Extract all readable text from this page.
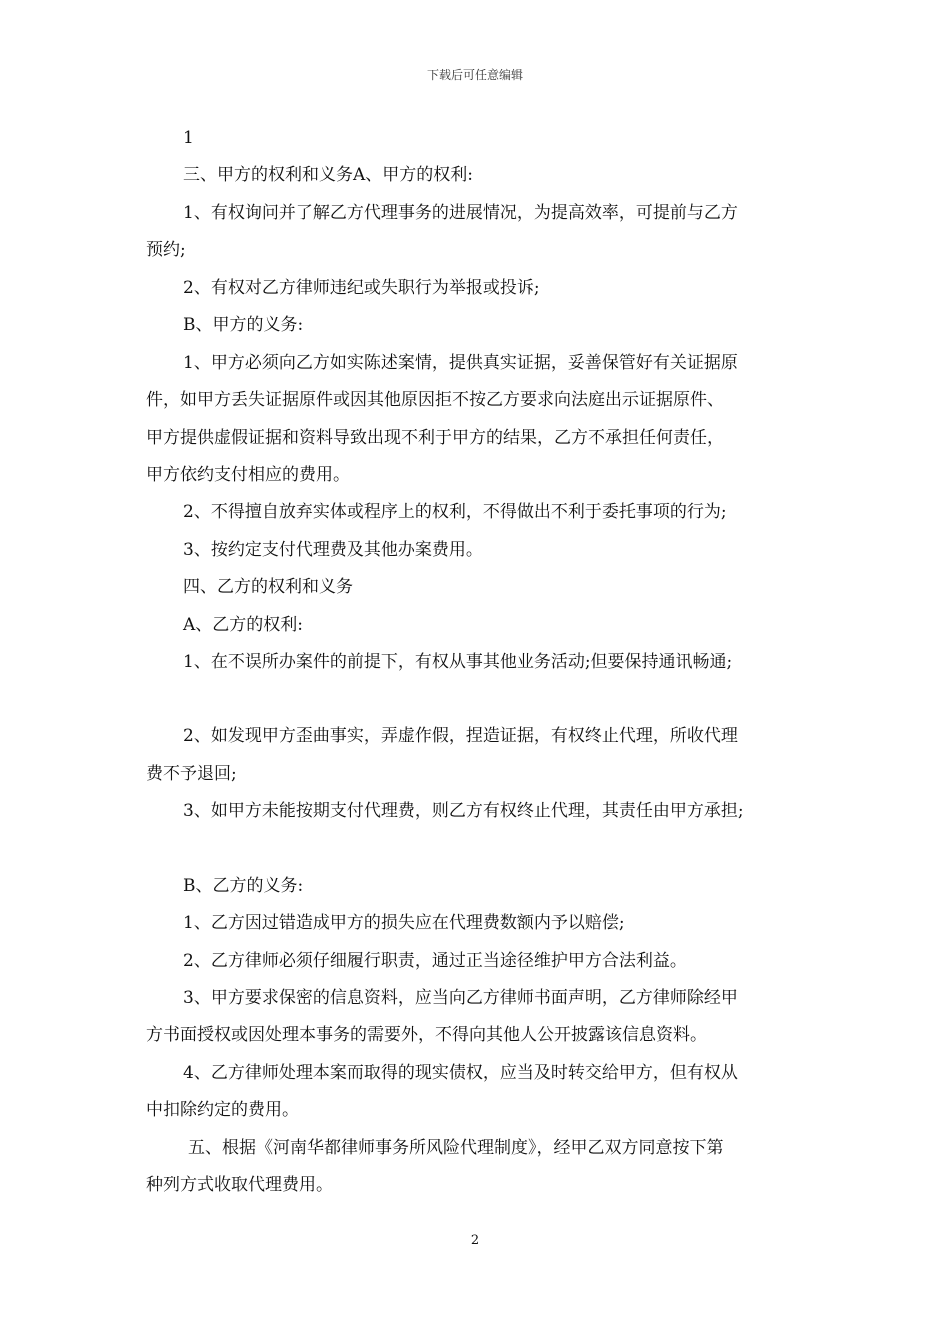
下载后可任意编辑
1
三、甲方的权利和义务A、甲方的权利:
1、有权询问并了解乙方代理事务的进展情况，为提高效率，可提前与乙方
预约;
2、有权对乙方律师违纪或失职行为举报或投诉;
B、甲方的义务:
1、甲方必须向乙方如实陈述案情，提供真实证据，妥善保管好有关证据原
件，如甲方丢失证据原件或因其他原因拒不按乙方要求向法庭出示证据原件、
甲方提供虚假证据和资料导致出现不利于甲方的结果，乙方不承担任何责任，
甲方依约支付相应的费用。
2、不得擅自放弃实体或程序上的权利，不得做出不利于委托事项的行为;
3、按约定支付代理费及其他办案费用。
四、乙方的权利和义务
A、乙方的权利:
1、在不误所办案件的前提下，有权从事其他业务活动;但要保持通讯畅通;
2、如发现甲方歪曲事实，弄虚作假，捏造证据，有权终止代理，所收代理
费不予退回;
3、如甲方未能按期支付代理费，则乙方有权终止代理，其责任由甲方承担;
B、乙方的义务:
1、乙方因过错造成甲方的损失应在代理费数额内予以赔偿;
2、乙方律师必须仔细履行职责，通过正当途径维护甲方合法利益。
3、甲方要求保密的信息资料，应当向乙方律师书面声明，乙方律师除经甲
方书面授权或因处理本事务的需要外，不得向其他人公开披露该信息资料。
4、乙方律师处理本案而取得的现实债权，应当及时转交给甲方，但有权从
中扣除约定的费用。
五、根据《河南华都律师事务所风险代理制度》，经甲乙双方同意按下第
种列方式收取代理费用。
2
